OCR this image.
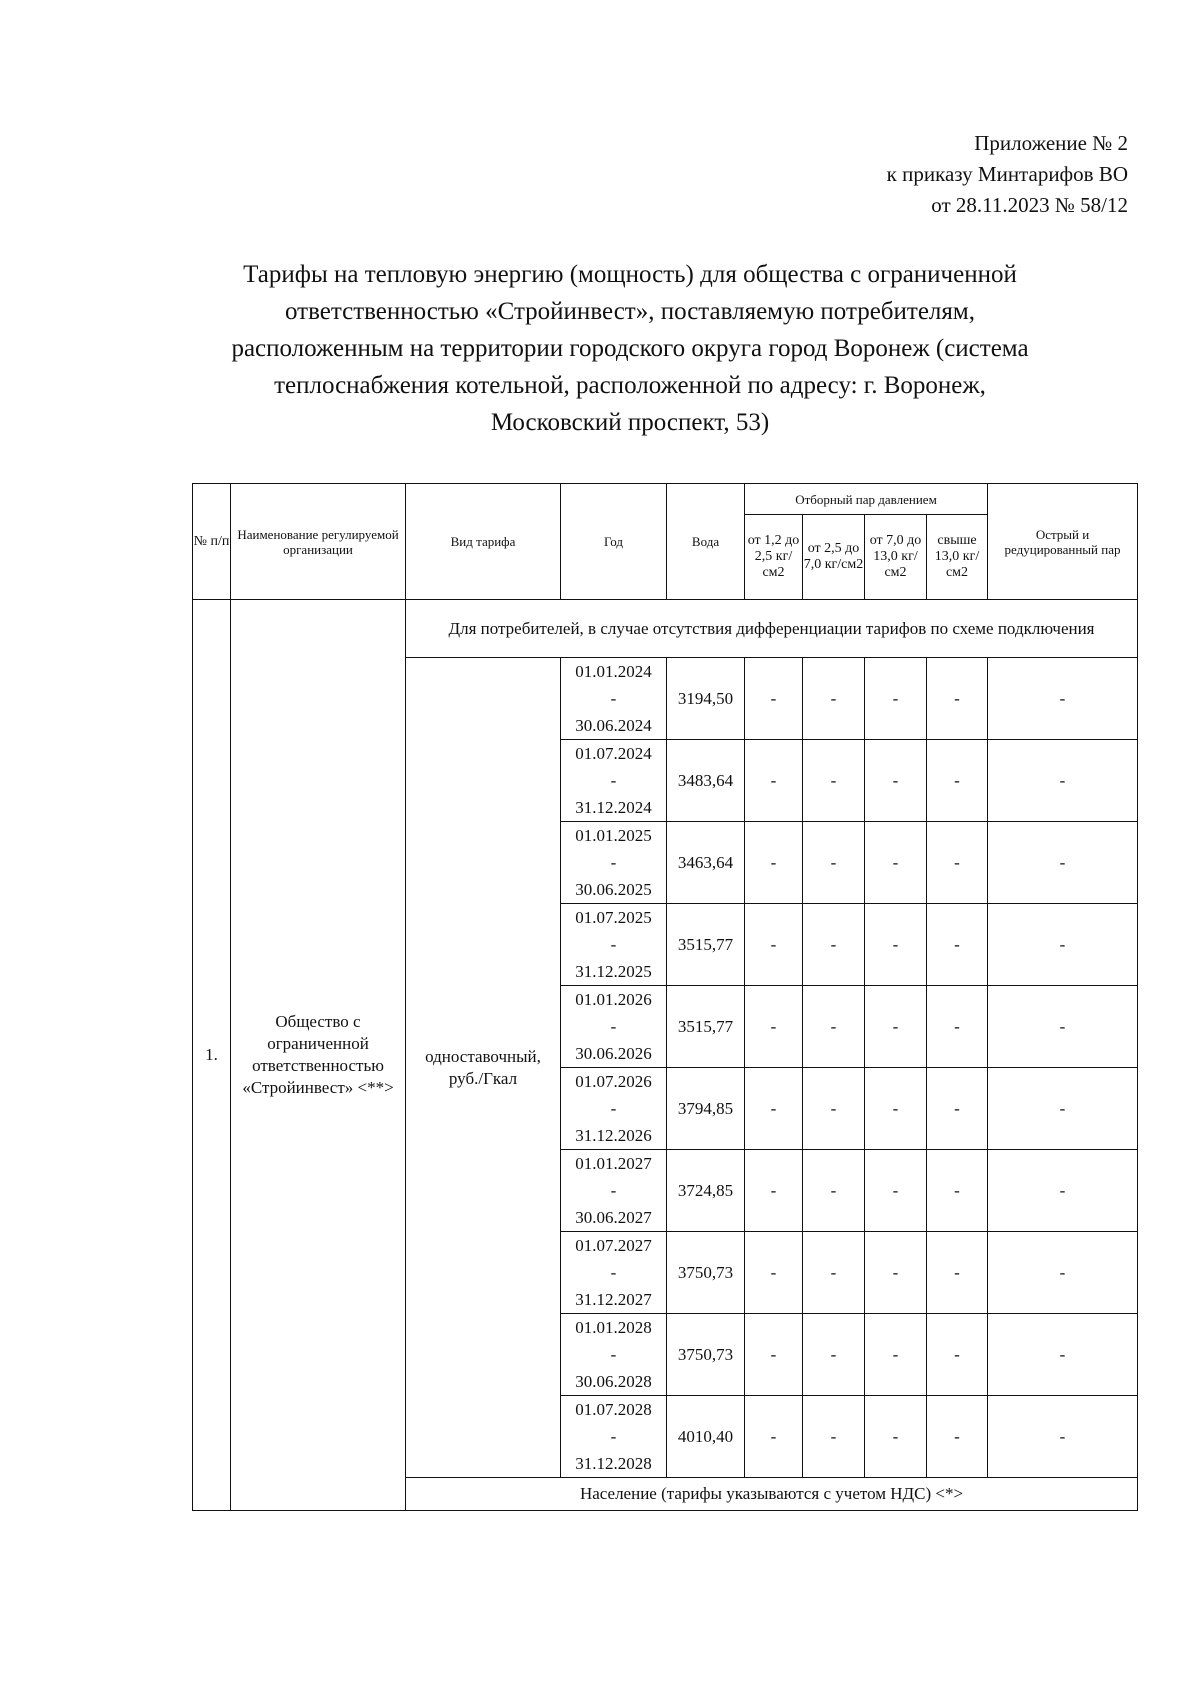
Приложение № 2
к приказу Минтарифов ВО
от 28.11.2023 № 58/12
Тарифы на тепловую энергию (мощность) для общества с ограниченной
ответственностью «Стройинвест», поставляемую потребителям,
расположенным на территории городского округа город Воронеж (система
теплоснабжения котельной, расположенной по адресу: г. Воронеж,
Московский проспект, 53)
№ п/п	Наименование регулируемой организации	Вид тарифа	Год	Вода	Отборный пар давлением				Острый и редуцированный пар
					от 1,2 до 2,5 кг/см2	от 2,5 до 7,0 кг/см2	от 7,0 до 13,0 кг/см2	свыше 13,0 кг/см2	
1.	Общество с ограниченной ответственностью «Стройинвест» <**>	Для потребителей, в случае отсутствия дифференциации тарифов по схеме подключения							
		одноставочный, руб./Гкал	01.01.2024
-
30.06.2024	3194,50	-	-	-	-	-

			01.07.2024
-
31.12.2024	3483,64	-	-	-	-	-

			01.01.2025
-
30.06.2025	3463,64	-	-	-	-	-

			01.07.2025
-
31.12.2025	3515,77	-	-	-	-	-

			01.01.2026
-
30.06.2026	3515,77	-	-	-	-	-

			01.07.2026
-
31.12.2026	3794,85	-	-	-	-	-

			01.01.2027
-
30.06.2027	3724,85	-	-	-	-	-

			01.07.2027
-
31.12.2027	3750,73	-	-	-	-	-

			01.01.2028
-
30.06.2028	3750,73	-	-	-	-	-

			01.07.2028
-
31.12.2028	4010,40	-	-	-	-	-
		Население (тарифы указываются с учетом НДС) <*>							
